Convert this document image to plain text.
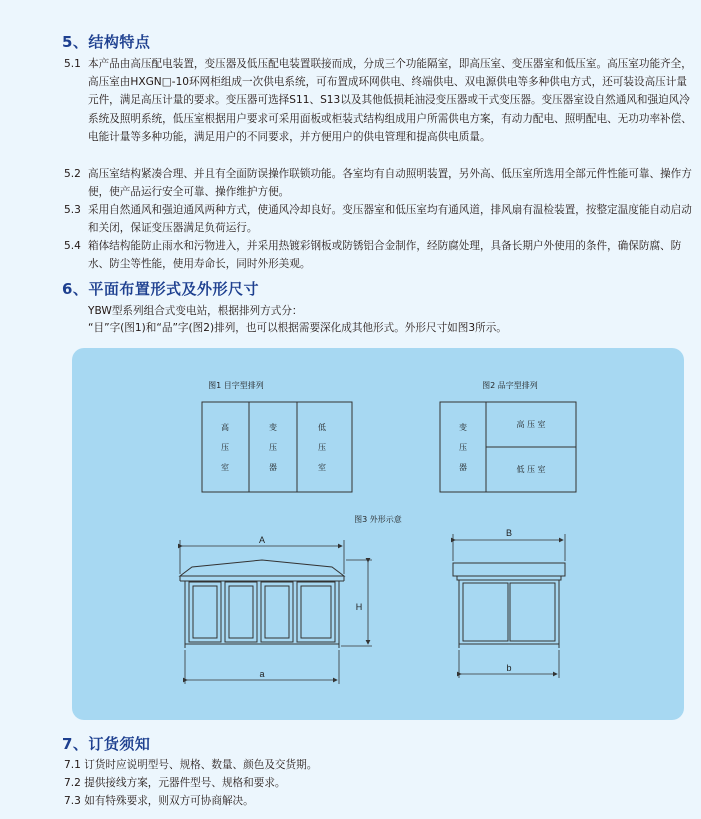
5、结构特点
5.1 本产品由高压配电装置，变压器及低压配电装置联接而成，分成三个功能隔室，即高压室、变压器室和低压室。高压室功能齐全，高压室由HXGN□-10环网柜组成一次供电系统，可布置成环网供电、终端供电、双电源供电等多种供电方式，还可装设高压计量元件，满足高压计量的要求。变压器可选择S11、S13以及其他低损耗油浸变压器或干式变压器。变压器室设自然通风和强迫风冷系统及照明系统，低压室根据用户要求可采用面板或柜装式结构组成用户所需供电方案，有动力配电、照明配电、无功功率补偿、电能计量等多种功能，满足用户的不同要求，并方便用户的供电管理和提高供电质量。
5.2 高压室结构紧凑合理、并且有全面防误操作联锁功能。各室均有自动照明装置，另外高、低压室所选用全部元件性能可靠、操作方便，使产品运行安全可靠、操作维护方便。
5.3 采用自然通风和强迫通风两种方式，使通风冷却良好。变压器室和低压室均有通风道，排风扇有温检装置，按整定温度能自动启动和关闭，保证变压器满足负荷运行。
5.4 箱体结构能防止雨水和污物进入，并采用热镀彩钢板或防锈铝合金制作，经防腐处理，具备长期户外使用的条件，确保防腐、防水、防尘等性能，使用寿命长，同时外形美观。
6、平面布置形式及外形尺寸
YBW型系列组合式变电站，根据排列方式分：
“目”字(图1)和“品”字(图2)排列，也可以根据需要深化成其他形式。外形尺寸如图3所示。
图1 目字型排列
高
压
室
变
压
器
低
压
室
图2 品字型排列
变
压
器
高 压 室
低 压 室
图3 外形示意
A
a
H
B
b
7、订货须知
7.1 订货时应说明型号、规格、数量、颜色及交货期。
7.2 提供接线方案，元器件型号、规格和要求。
7.3 如有特殊要求，则双方可协商解决。
